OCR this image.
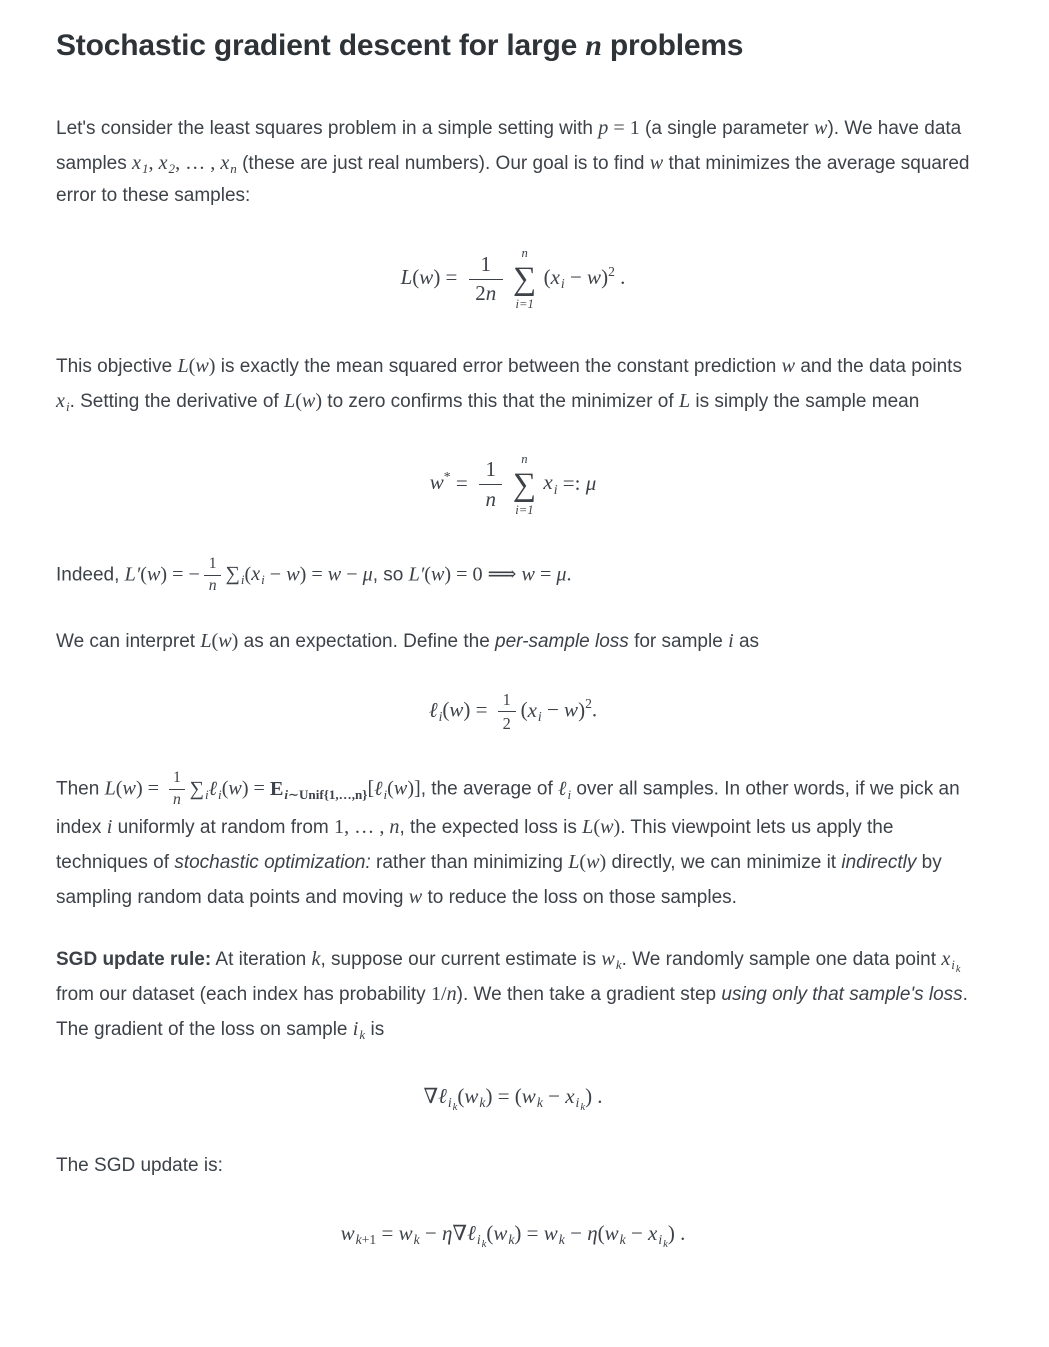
Stochastic gradient descent for large n problems

Let's consider the least squares problem in a simple setting with p = 1 (a single parameter w). We have data samples x1, x2, … , xn (these are just real numbers). Our goal is to find w that minimizes the average squared error to these samples:

$L(w) = \frac{1}{2n}$ n
∑
i=1
(xi − w)2 .

This objective L(w) is exactly the mean squared error between the constant prediction w and the data points xi. Setting the derivative of L(w) to zero confirms this that the minimizer of L is simply the sample mean

$w* = \frac{1}{n}$ n
∑
i=1
xi =: μ

Indeed, L′(w) = − $\frac{1}{n} \sum i(xi - w) = w - \mu$, so L′(w) = 0 ⟹ w = μ.

We can interpret L(w) as an expectation. Define the per-sample loss for sample i as

ℓi(w) = $\frac{1}{2} (xi - w)2$.

Then $L(w) = \frac{1}{n}$ ∑iℓi(w) = Ei∼Unif{1,…,n}[ℓi(w)], the average of ℓi over all samples. In other words, if we pick an index i uniformly at random from 1, … , n, the expected loss is L(w). This viewpoint lets us apply the techniques of stochastic optimization: rather than minimizing L(w) directly, we can minimize it indirectly by sampling random data points and moving w to reduce the loss on those samples.

SGD update rule: At iteration k, suppose our current estimate is wk. We randomly sample one data point xik from our dataset (each index has probability 1/n). We then take a gradient step using only that sample's loss. The gradient of the loss on sample ik is

∇ℓik(wk) = (wk − xik) .

The SGD update is:

wk+1 = wk − η∇ℓik(wk) = wk − η(wk − xik) .
